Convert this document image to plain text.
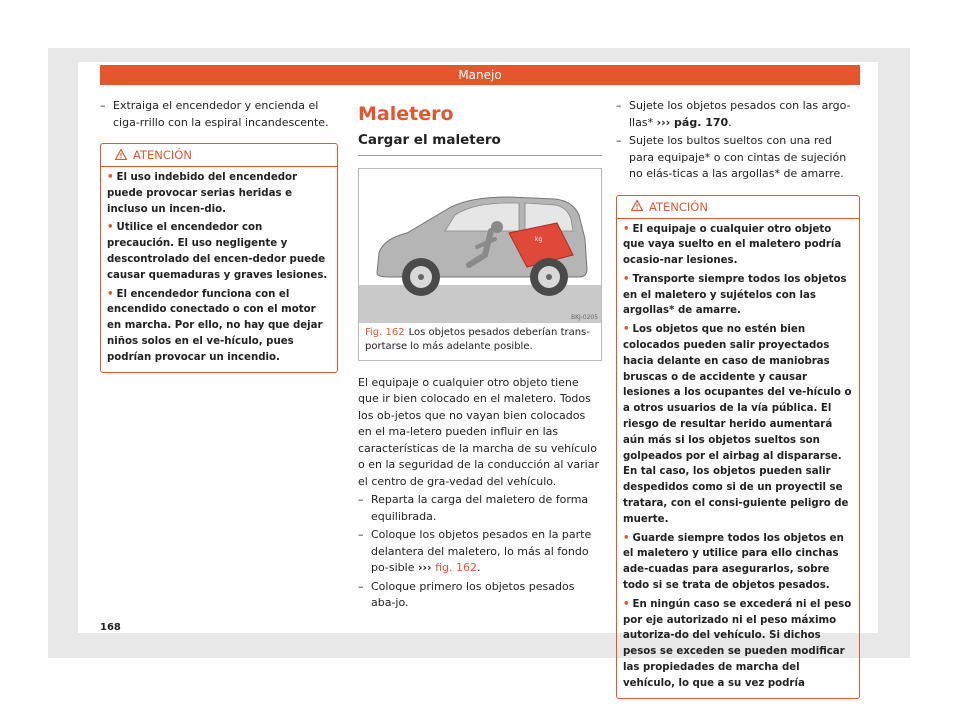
Manejo
– Extraiga el encendedor y encienda el ciga-rrillo con la espiral incandescente.
ATENCIÓN
• El uso indebido del encendedor puede provocar serias heridas e incluso un incen-dio.
• Utilice el encendedor con precaución. El uso negligente y descontrolado del encen-dedor puede causar quemaduras y graves lesiones.
• El encendedor funciona con el encendido conectado o con el motor en marcha. Por ello, no hay que dejar niños solos en el ve-hículo, pues podrían provocar un incendio.
Maletero
Cargar el maletero
kg
BKJ-0205
Fig. 162 Los objetos pesados deberían trans-portarse lo más adelante posible.
El equipaje o cualquier otro objeto tiene que ir bien colocado en el maletero. Todos los ob-jetos que no vayan bien colocados en el ma-letero pueden influir en las características de la marcha de su vehículo o en la seguridad de la conducción al variar el centro de gra-vedad del vehículo.
– Reparta la carga del maletero de forma equilibrada.
– Coloque los objetos pesados en la parte delantera del maletero, lo más al fondo po-sible ››› fig. 162.
– Coloque primero los objetos pesados aba-jo.
– Sujete los objetos pesados con las argo-llas* ››› pág. 170.
– Sujete los bultos sueltos con una red para equipaje* o con cintas de sujeción no elás-ticas a las argollas* de amarre.
ATENCIÓN
• El equipaje o cualquier otro objeto que vaya suelto en el maletero podría ocasio-nar lesiones.
• Transporte siempre todos los objetos en el maletero y sujételos con las argollas* de amarre.
• Los objetos que no estén bien colocados pueden salir proyectados hacia delante en caso de maniobras bruscas o de accidente y causar lesiones a los ocupantes del ve-hículo o a otros usuarios de la vía pública. El riesgo de resultar herido aumentará aún más si los objetos sueltos son golpeados por el airbag al dispararse. En tal caso, los objetos pueden salir despedidos como si de un proyectil se tratara, con el consi-guiente peligro de muerte.
• Guarde siempre todos los objetos en el maletero y utilice para ello cinchas ade-cuadas para asegurarlos, sobre todo si se trata de objetos pesados.
• En ningún caso se excederá ni el peso por eje autorizado ni el peso máximo autoriza-do del vehículo. Si dichos pesos se exceden se pueden modificar las propiedades de marcha del vehículo, lo que a su vez podría
168
